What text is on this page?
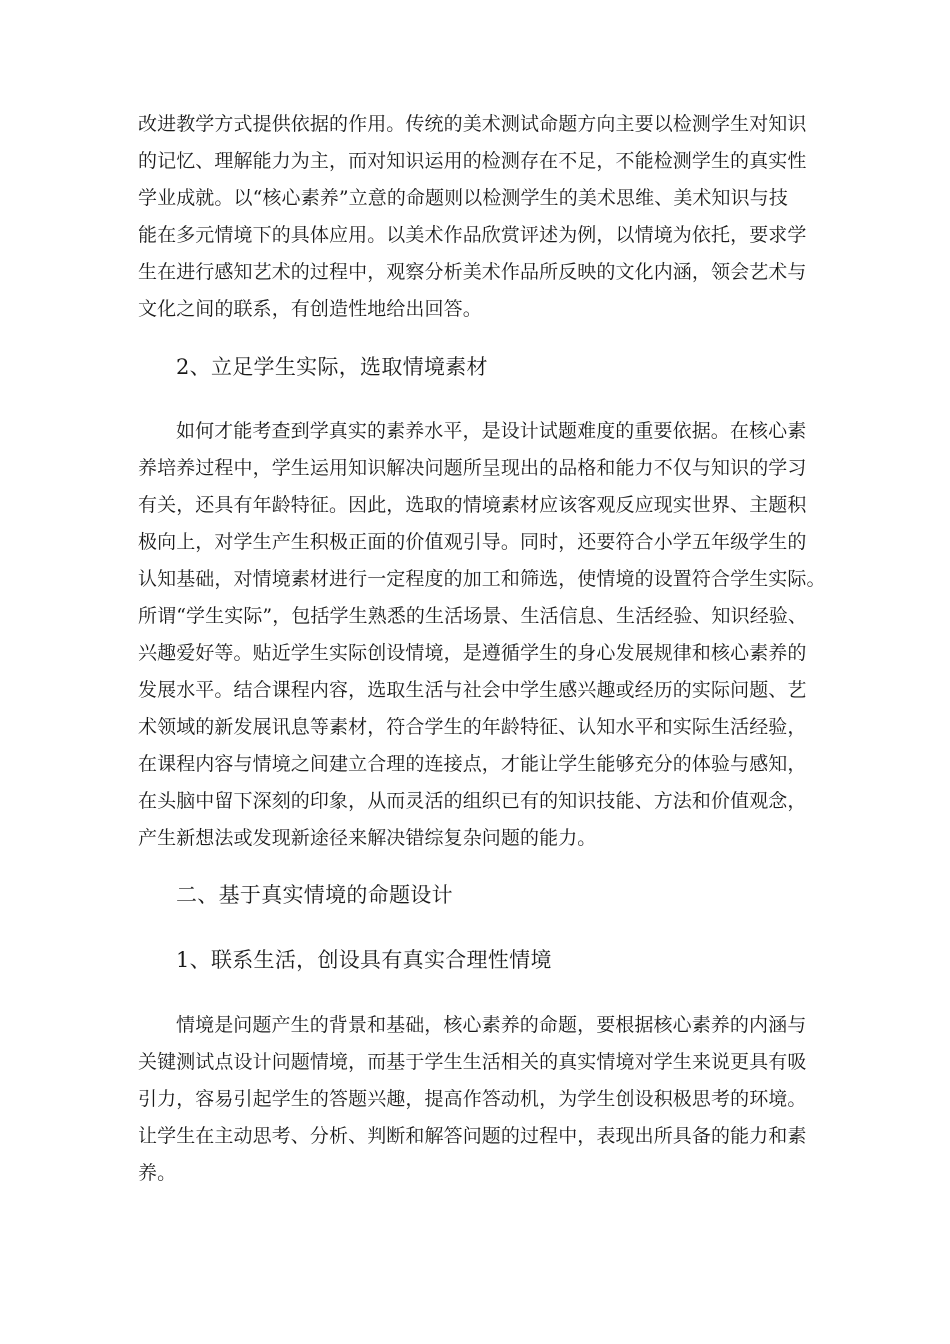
改进教学方式提供依据的作用。传统的美术测试命题方向主要以检测学生对知识
的记忆、理解能力为主，而对知识运用的检测存在不足，不能检测学生的真实性
学业成就。以“核心素养”立意的命题则以检测学生的美术思维、美术知识与技
能在多元情境下的具体应用。以美术作品欣赏评述为例，以情境为依托，要求学
生在进行感知艺术的过程中，观察分析美术作品所反映的文化内涵，领会艺术与
文化之间的联系，有创造性地给出回答。
2、立足学生实际，选取情境素材
如何才能考查到学真实的素养水平，是设计试题难度的重要依据。在核心素
养培养过程中，学生运用知识解决问题所呈现出的品格和能力不仅与知识的学习
有关，还具有年龄特征。因此，选取的情境素材应该客观反应现实世界、主题积
极向上，对学生产生积极正面的价值观引导。同时，还要符合小学五年级学生的
认知基础，对情境素材进行一定程度的加工和筛选，使情境的设置符合学生实际。
所谓“学生实际”，包括学生熟悉的生活场景、生活信息、生活经验、知识经验、
兴趣爱好等。贴近学生实际创设情境，是遵循学生的身心发展规律和核心素养的
发展水平。结合课程内容，选取生活与社会中学生感兴趣或经历的实际问题、艺
术领域的新发展讯息等素材，符合学生的年龄特征、认知水平和实际生活经验，
在课程内容与情境之间建立合理的连接点，才能让学生能够充分的体验与感知，
在头脑中留下深刻的印象，从而灵活的组织已有的知识技能、方法和价值观念，
产生新想法或发现新途径来解决错综复杂问题的能力。
二、基于真实情境的命题设计
1、联系生活，创设具有真实合理性情境
情境是问题产生的背景和基础，核心素养的命题，要根据核心素养的内涵与
关键测试点设计问题情境，而基于学生生活相关的真实情境对学生来说更具有吸
引力，容易引起学生的答题兴趣，提高作答动机，为学生创设积极思考的环境。
让学生在主动思考、分析、判断和解答问题的过程中，表现出所具备的能力和素
养。
